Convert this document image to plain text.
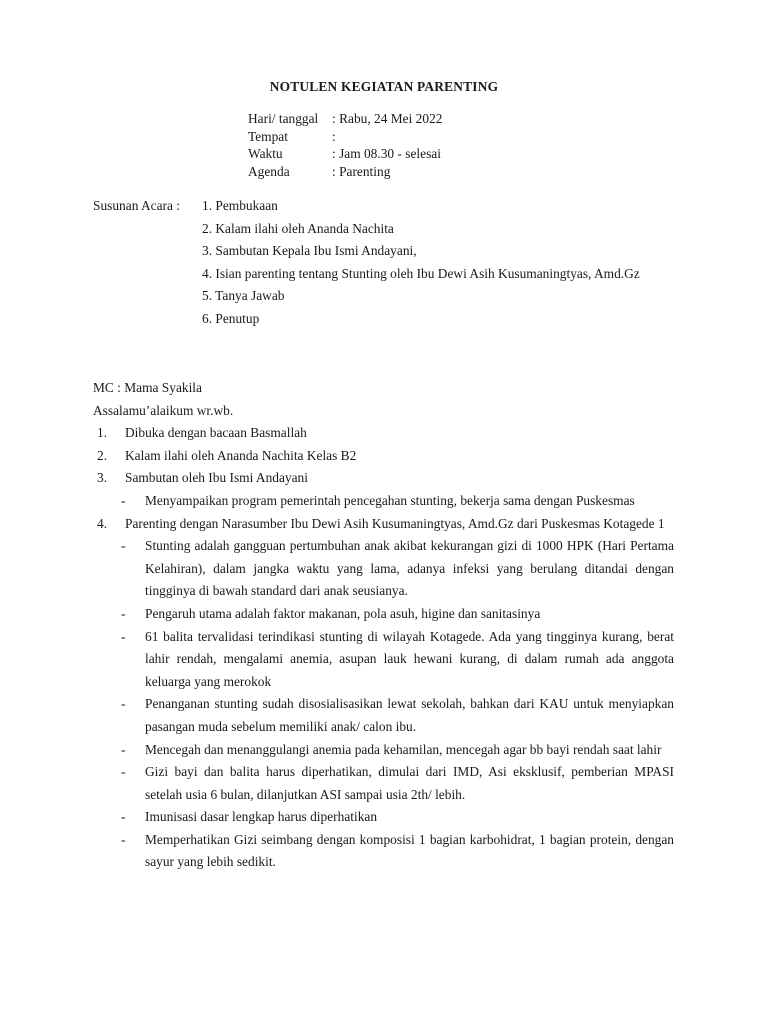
NOTULEN KEGIATAN PARENTING
Hari/ tanggal	: Rabu, 24 Mei 2022
Tempat	:
Waktu	: Jam 08.30 - selesai
Agenda	: Parenting
Susunan Acara : 1. Pembukaan
2. Kalam ilahi oleh Ananda Nachita
3. Sambutan Kepala Ibu Ismi Andayani,
4. Isian parenting tentang Stunting oleh Ibu Dewi Asih Kusumaningtyas, Amd.Gz
5. Tanya Jawab
6. Penutup
MC : Mama Syakila
Assalamu’alaikum wr.wb.
1.	Dibuka dengan bacaan Basmallah
2.	Kalam ilahi oleh Ananda Nachita Kelas B2
3.	Sambutan oleh Ibu Ismi Andayani
-	Menyampaikan program pemerintah pencegahan stunting, bekerja sama dengan Puskesmas
4.	Parenting dengan Narasumber Ibu Dewi Asih Kusumaningtyas, Amd.Gz dari Puskesmas Kotagede 1
-	Stunting adalah gangguan pertumbuhan anak akibat kekurangan gizi di 1000 HPK (Hari Pertama Kelahiran), dalam jangka waktu yang lama, adanya infeksi yang berulang ditandai dengan tingginya di bawah standard dari anak seusianya.
-	Pengaruh utama adalah faktor makanan, pola asuh, higine dan sanitasinya
-	61 balita tervalidasi terindikasi stunting di wilayah Kotagede. Ada yang tingginya kurang, berat lahir rendah, mengalami anemia, asupan lauk hewani kurang, di dalam rumah ada anggota keluarga yang merokok
-	Penanganan stunting sudah disosialisasikan lewat sekolah, bahkan dari KAU untuk menyiapkan pasangan muda sebelum memiliki anak/ calon ibu.
-	Mencegah dan menanggulangi anemia pada kehamilan, mencegah agar bb bayi rendah saat lahir
-	Gizi bayi dan balita harus diperhatikan, dimulai dari IMD, Asi eksklusif, pemberian MPASI setelah usia 6 bulan, dilanjutkan ASI sampai usia 2th/ lebih.
-	Imunisasi dasar lengkap harus diperhatikan
-	Memperhatikan Gizi seimbang dengan komposisi 1 bagian karbohidrat, 1 bagian protein, dengan sayur yang lebih sedikit.
